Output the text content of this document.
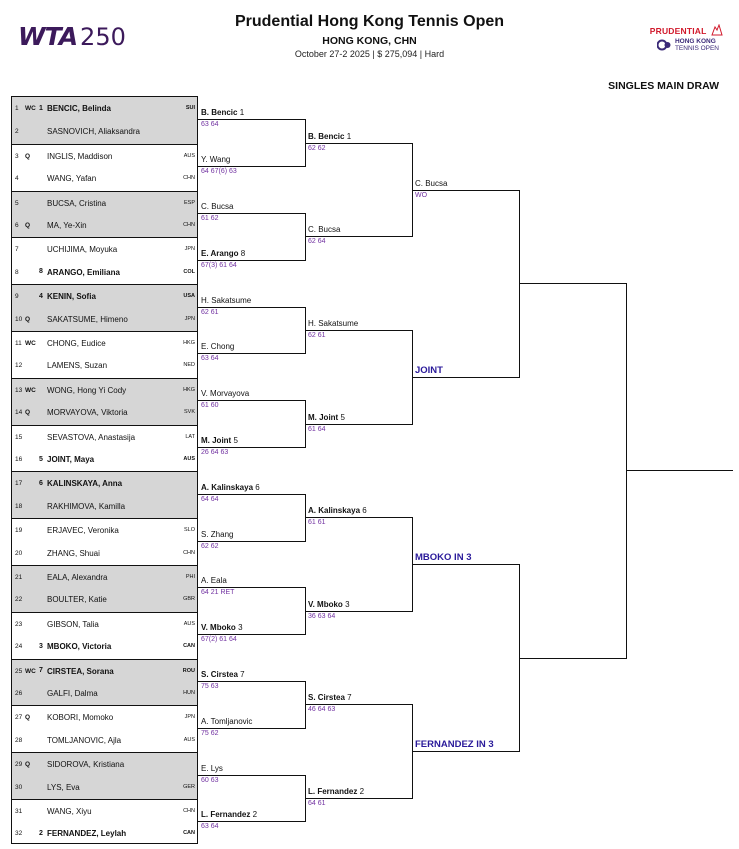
WTA 250
Prudential Hong Kong Tennis Open
HONG KONG, CHN
October 27-2 2025 | $ 275,094 | Hard
PRUDENTIAL
HONG KONG
TENNIS OPEN
SINGLES MAIN DRAW
1 WC 1 BENCIC, Belinda	SUI
2	SASNOVICH, Aliaksandra
3 Q INGLIS, Maddison	AUS
4	WANG, Yafan	CHN
5	BUCSA, Cristina	ESP
6 Q MA, Ye-Xin	CHN
7	UCHIJIMA, Moyuka	JPN
8	8 ARANGO, Emiliana	COL
9	4 KENIN, Sofia	USA
10 Q SAKATSUME, Himeno	JPN
11 WC CHONG, Eudice	HKG
12	LAMENS, Suzan	NED
13 WC WONG, Hong Yi Cody	HKG
14 Q MORVAYOVA, Viktoria	SVK
15	SEVASTOVA, Anastasija	LAT
16 5 JOINT, Maya	AUS
17 6 KALINSKAYA, Anna
18	RAKHIMOVA, Kamilla
19	ERJAVEC, Veronika	SLO
20	ZHANG, Shuai	CHN
21	EALA, Alexandra	PHI
22	BOULTER, Katie	GBR
23	GIBSON, Talia	AUS
24 3 MBOKO, Victoria	CAN
25 WC 7 CIRSTEA, Sorana	ROU
26	GALFI, Dalma	HUN
27 Q KOBORI, Momoko	JPN
28	TOMLJANOVIC, Ajla	AUS
29 Q SIDOROVA, Kristiana
30	LYS, Eva	GER
31	WANG, Xiyu	CHN
32 2 FERNANDEZ, Leylah	CAN
B. Bencic 1
63 64
Y. Wang
64 67(6) 63
C. Bucsa
61 62
E. Arango 8
67(3) 61 64
H. Sakatsume
62 61
E. Chong
63 64
V. Morvayova
61 60
M. Joint 5
26 64 63
A. Kalinskaya 6
64 64
S. Zhang
62 62
A. Eala
64 21 RET
V. Mboko 3
67(2) 61 64
S. Cirstea 7
75 63
A. Tomljanovic
75 62
E. Lys
60 63
L. Fernandez 2
63 64
B. Bencic 1
62 62
C. Bucsa
62 64
H. Sakatsume
62 61
M. Joint 5
61 64
A. Kalinskaya 6
61 61
V. Mboko 3
36 63 64
S. Cirstea 7
46 64 63
L. Fernandez 2
64 61
C. Bucsa
WO
JOINT
MBOKO IN 3
FERNANDEZ IN 3
